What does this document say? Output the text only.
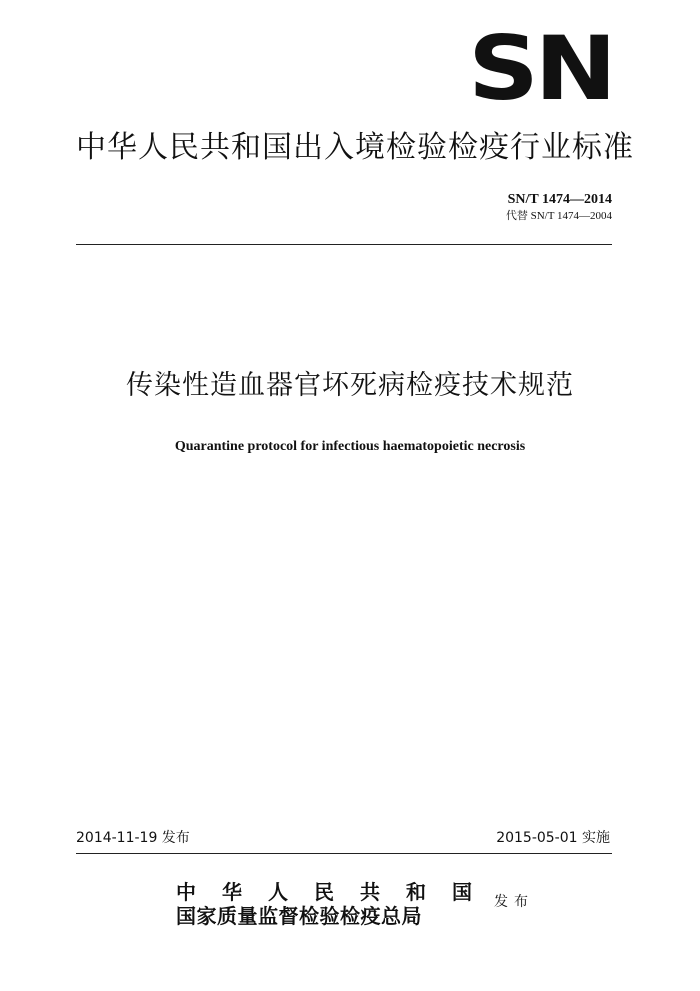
SN
中华人民共和国出入境检验检疫行业标准
SN/T 1474—2014
代替 SN/T 1474—2004
传染性造血器官坏死病检疫技术规范
Quarantine protocol for infectious haematopoietic necrosis
2014-11-19 发布	2015-05-01 实施
中 华 人 民 共 和 国
国家质量监督检验检疫总局
发布
